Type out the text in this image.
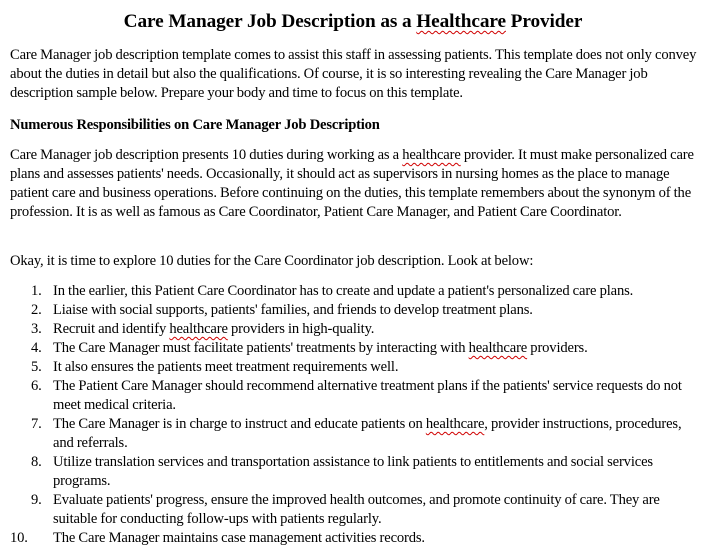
Care Manager Job Description as a Healthcare Provider

Care Manager job description template comes to assist this staff in assessing patients. This template does not only convey about the duties in detail but also the qualifications. Of course, it is so interesting revealing the Care Manager job description sample below. Prepare your body and time to focus on this template.

Numerous Responsibilities on Care Manager Job Description

Care Manager job description presents 10 duties during working as a healthcare provider. It must make personalized care plans and assesses patients' needs. Occasionally, it should act as supervisors in nursing homes as the place to manage patient care and business operations. Before continuing on the duties, this template remembers about the synonym of the profession. It is as well as famous as Care Coordinator, Patient Care Manager, and Patient Care Coordinator.

Okay, it is time to explore 10 duties for the Care Coordinator job description. Look at below:

1. In the earlier, this Patient Care Coordinator has to create and update a patient's personalized care plans.
2. Liaise with social supports, patients' families, and friends to develop treatment plans.
3. Recruit and identify healthcare providers in high-quality.
4. The Care Manager must facilitate patients' treatments by interacting with healthcare providers.
5. It also ensures the patients meet treatment requirements well.
6. The Patient Care Manager should recommend alternative treatment plans if the patients' service requests do not meet medical criteria.
7. The Care Manager is in charge to instruct and educate patients on healthcare, provider instructions, procedures, and referrals.
8. Utilize translation services and transportation assistance to link patients to entitlements and social services programs.
9. Evaluate patients' progress, ensure the improved health outcomes, and promote continuity of care. They are suitable for conducting follow-ups with patients regularly.
10. The Care Manager maintains case management activities records.
